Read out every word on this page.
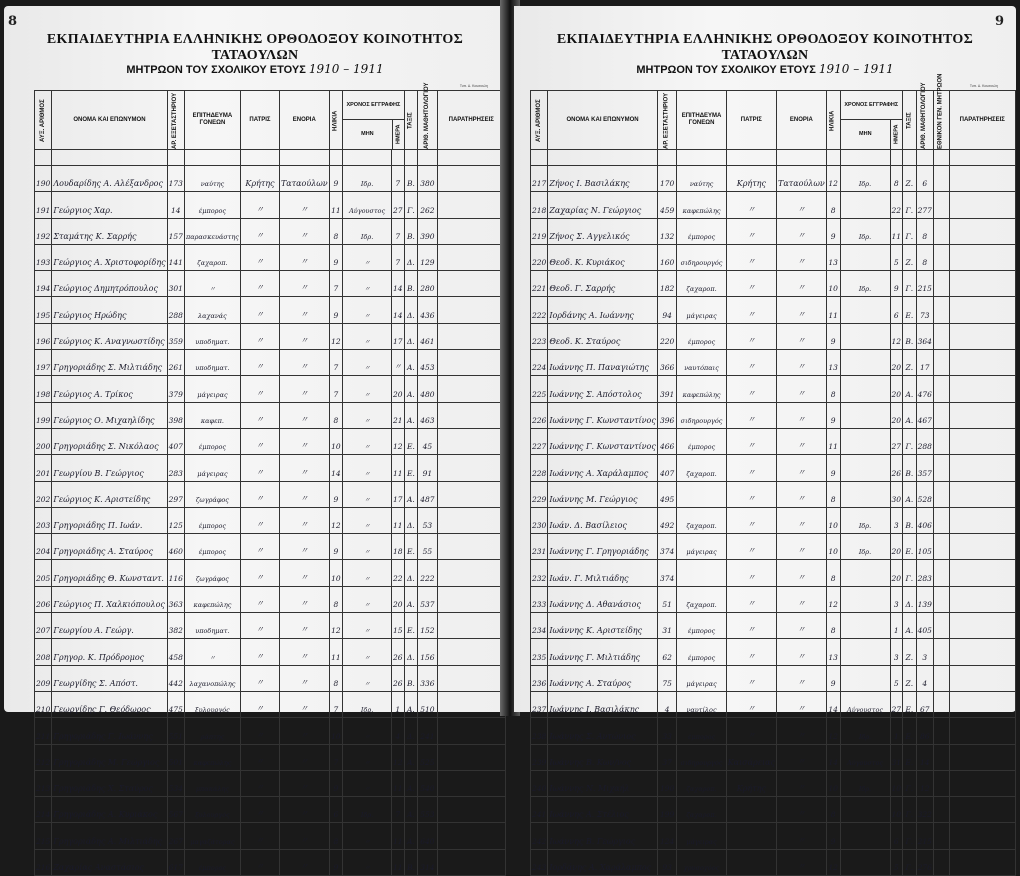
8
ΕΚΠΑΙΔΕΥΤΗΡΙΑ ΕΛΛΗΝΙΚΗΣ ΟΡΘΟΔΟΞΟΥ ΚΟΙΝΟΤΗΤΟΣ ΤΑΤΑΟΥΛΩΝ
ΜΗΤΡΩΟΝ ΤΟΥ ΣΧΟΛΙΚΟΥ ΕΤΟΥΣ 1910 – 1911
Τυπ. Δ. Κουσουλη
ΑΥΞ. ΑΡΙΘΜΟΣ	ΟΝΟΜΑ ΚΑΙ ΕΠΩΝΥΜΟΝ	ΑΡ. ΕΞΕΤΑΣΤΗΡΙΟΥ	ΕΠΙΤΗΔΕΥΜΑ ΓΟΝΕΩΝ	ΠΑΤΡΙΣ	ΕΝΟΡΙΑ	ΗΛΙΚΙΑ	ΧΡΟΝΟΣ ΕΓΓΡΑΦΗΣ
ΜΗΝ ΗΜΕΡΑ		ΤΑΞΙΣ	ΑΡΙΘ. ΜΑΘΗΤΟΛΟΓΙΟΥ	ΠΑΡΑΤΗΡΗΣΕΙΣ

190	Λουδαρίδης Α. Αλέξανδρος	173	ναύτης	Κρήτης	Ταταούλων	9	Ιδρ.	7	Β.	380	
191	Γεώργιος Χαρ.	14	έμπορος	〃	〃	11	Αύγουστος	27	Γ.	262	
192	Σταμάτης Κ. Σαρρής	157	παρασκευάστης	〃	〃	8	Ιδρ.	7	Β.	390	
193	Γεώργιος Α. Χριστοφορίδης	141	ζαχαροπ.	〃	〃	9	〃	7	Δ.	129	
194	Γεώργιος Δημητρόπουλος	301	〃	〃	〃	7	〃	14	Β.	280	
195	Γεώργιος Ηρώδης	288	λαχανάς	〃	〃	9	〃	14	Δ.	436	
196	Γεώργιος Κ. Αναγνωστίδης	359	υποδηματ.	〃	〃	12	〃	17	Δ.	461	
197	Γρηγοριάδης Σ. Μιλτιάδης	261	υποδηματ.	〃	〃	7	〃	〃	Α.	453	
198	Γεώργιος Α. Τρίκος	379	μάγειρας	〃	〃	7	〃	20	Α.	480	
199	Γεώργιος Ο. Μιχαηλίδης	398	καφεπ.	〃	〃	8	〃	21	Α.	463	
200	Γρηγοριάδης Σ. Νικόλαος	407	έμπορος	〃	〃	10	〃	12	Ε.	45	
201	Γεωργίου Β. Γεώργιος	283	μάγειρας	〃	〃	14	〃	11	Ε.	91	
202	Γεώργιος Κ. Αριστείδης	297	ζωγράφος	〃	〃	9	〃	17	Α.	487	
203	Γρηγοριάδης Π. Ιωάν.	125	έμπορος	〃	〃	12	〃	11	Δ.	53	
204	Γρηγοριάδης Α. Σταύρος	460	έμπορος	〃	〃	9	〃	18	Ε.	55	
205	Γρηγοριάδης Θ. Κωνσταντ.	116	ζωγράφος	〃	〃	10	〃	22	Δ.	222	
206	Γεώργιος Π. Χαλκιόπουλος	363	καφεπώλης	〃	〃	8	〃	20	Α.	537	
207	Γεωργίου Α. Γεώργ.	382	υποδηματ.	〃	〃	12	〃	15	Ε.	152	
208	Γρηγορ. Κ. Πρόδρομος	458	〃	〃	〃	11	〃	26	Δ.	156	
209	Γεωργίδης Σ. Απόστ.	442	λαχανοπώλης	〃	〃	8	〃	26	Β.	336	
210	Γεωργίδης Γ. Θεόδωρος	475	ξυλουργός	〃	〃	7	Ιδρ.	1	Α.	510	
211	Γρηγοριάδης Γ. Ιωάννης	551	ράπτης	〃	〃	10	〃	4	Δ.	241	
212	Γρηγοριάδης Μ. Γεώργιος	501	καφεπώλης	〃	〃	7	〃	12	Α.	525	
213	Γρηγοριάδης Χ. Σταύρος	534	μπακάλης	〃	〃	9	〃	11	Α.	540	
214	Γρηγοριάδης Α. Κυριάκος	567	ξυλουργός	〃	〃	6	Ιδρ.	7	Α.	553	
215	Γρηγοριάδης Α. Μιλτιάδης	267	μαγαζάτορας	〃	〃	8	〃	11	Α.	640	
216	Ζαχαρίας Αναστάσιος	617	έμπορος	〃	〃	9	〃	11	Β.	314	
9
ΕΚΠΑΙΔΕΥΤΗΡΙΑ ΕΛΛΗΝΙΚΗΣ ΟΡΘΟΔΟΞΟΥ ΚΟΙΝΟΤΗΤΟΣ ΤΑΤΑΟΥΛΩΝ
ΜΗΤΡΩΟΝ ΤΟΥ ΣΧΟΛΙΚΟΥ ΕΤΟΥΣ 1910 – 1911
Τυπ. Δ. Κουσουλη
ΑΥΞ. ΑΡΙΘΜΟΣ	ΟΝΟΜΑ ΚΑΙ ΕΠΩΝΥΜΟΝ	ΑΡ. ΕΞΕΤΑΣΤΗΡΙΟΥ	ΕΠΙΤΗΔΕΥΜΑ ΓΟΝΕΩΝ	ΠΑΤΡΙΣ	ΕΝΟΡΙΑ	ΗΛΙΚΙΑ	ΧΡΟΝΟΣ ΕΓΓΡΑΦΗΣ
ΜΗΝ ΗΜΕΡΑ		ΤΑΞΙΣ	ΑΡΙΘ. ΜΑΘΗΤΟΛΟΓΙΟΥ	ΕΘΝΙΚΟΝ ΓΕΝ. ΜΗΤΡΩΟΝ	ΠΑΡΑΤΗΡΗΣΕΙΣ

217	Ζήνος Ι. Βασιλάκης	170	ναύτης	Κρήτης	Ταταούλων	12	Ιδρ.	8	Ζ.	6		
218	Ζαχαρίας Ν. Γεώργιος	459	καφεπώλης	〃	〃	8		22	Γ.	277		
219	Ζήνος Σ. Αγγελικός	132	έμπορος	〃	〃	9	Ιδρ.	11	Γ.	8		
220	Θεοδ. Κ. Κυριάκος	160	σιδηρουργός	〃	〃	13		5	Ζ.	8		
221	Θεοδ. Γ. Σαρρής	182	ζαχαροπ.	〃	〃	10	Ιδρ.	9	Γ.	215		
222	Ιορδάνης Α. Ιωάννης	94	μάγειρας	〃	〃	11		6	Ε.	73		
223	Θεοδ. Κ. Σταύρος	220	έμπορος	〃	〃	9		12	Β.	364		
224	Ιωάννης Π. Παναγιώτης	366	ναυτόπαις	〃	〃	13		20	Ζ.	17		
225	Ιωάννης Σ. Απόστολος	391	καφεπώλης	〃	〃	8		20	Α.	476		
226	Ιωάννης Γ. Κωνσταντίνος	396	σιδηρουργός	〃	〃	9		20	Α.	467		
227	Ιωάννης Γ. Κωνσταντίνος	466	έμπορος	〃	〃	11		27	Γ.	288		
228	Ιωάννης Α. Χαράλαμπος	407	ζαχαροπ.	〃	〃	9		26	Β.	357		
229	Ιωάννης Μ. Γεώργιος	495		〃	〃	8		30	Α.	528		
230	Ιωάν. Δ. Βασίλειος	492	ζαχαροπ.	〃	〃	10	Ιδρ.	3	Β.	406		
231	Ιωάννης Γ. Γρηγοριάδης	374	μάγειρας	〃	〃	10	Ιδρ.	20	Ε.	105		
232	Ιωάν. Γ. Μιλτιάδης	374		〃	〃	8		20	Γ.	283		
233	Ιωάννης Δ. Αθανάσιος	51	ζαχαροπ.	〃	〃	12		3	Δ.	139		
234	Ιωάννης Κ. Αριστείδης	31	έμπορος	〃	〃	8		1	Α.	405		
235	Ιωάννης Γ. Μιλτιάδης	62	έμπορος	〃	〃	13		3	Ζ.	3		
236	Ιωάννης Α. Σταύρος	75	μάγειρας	〃	〃	9		5	Ζ.	4		
237	Ιωάννης Ι. Βασιλάκης	4	ναυτίλος	〃	〃	14	Αύγουστος	27	Ε.	67		
238	Ιωάννης Σ. Αντώνιος	33	έμπορος	〃	〃	12	Ιδρ.	1	Ε.	86		
239	Ιωάννης Β. Κων/νος	37	σιδηρουργός	Καισάρειας	〃	14	Αύγουστος	31	Ε.	14		
240	Ιωάννης Ν. Μιχαήλ	190	ζαχαροπ.	Κρήτης	〃	10	Ιδρ.	10	Γ.	12		
241	Ιωάννης Α. Στέλιος	199	ζαχαροπ.		〃	8		10	Γ.	322		
242	Ιωάννης Β. Γεώργιος	124	μάγειρας		〃	9		6	Γ.	215		
243	Ιορδάνης Α. Χαράλαμπος	93	χρυσοχόος		〃	12		5	Γ.	276		
